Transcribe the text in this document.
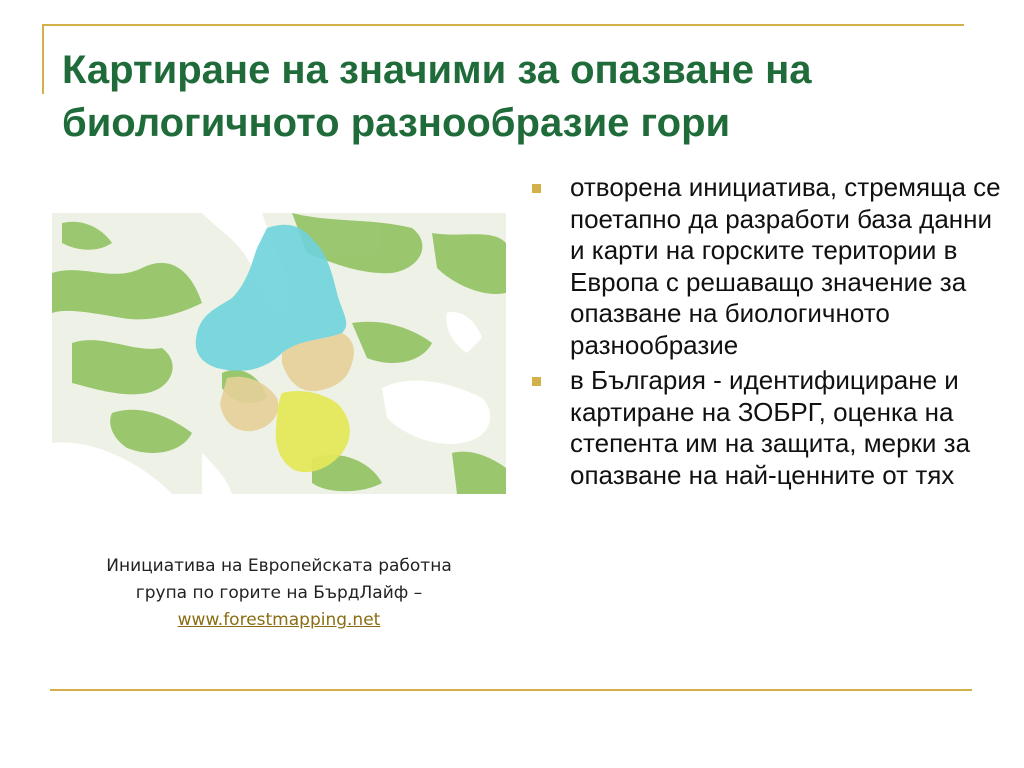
Картиране на значими за опазване на биологичното разнообразие гори
Инициатива на Европейската работна
група по горите на БърдЛайф –
www.forestmapping.net
отворена инициатива, стремяща се поетапно да разработи база данни и карти на горските територии в Европа с решаващо значение за опазване на биологичното разнообразие
в България - идентифициране и картиране на ЗОБРГ, оценка на степента им на защита, мерки за опазване на най-ценните от тях
